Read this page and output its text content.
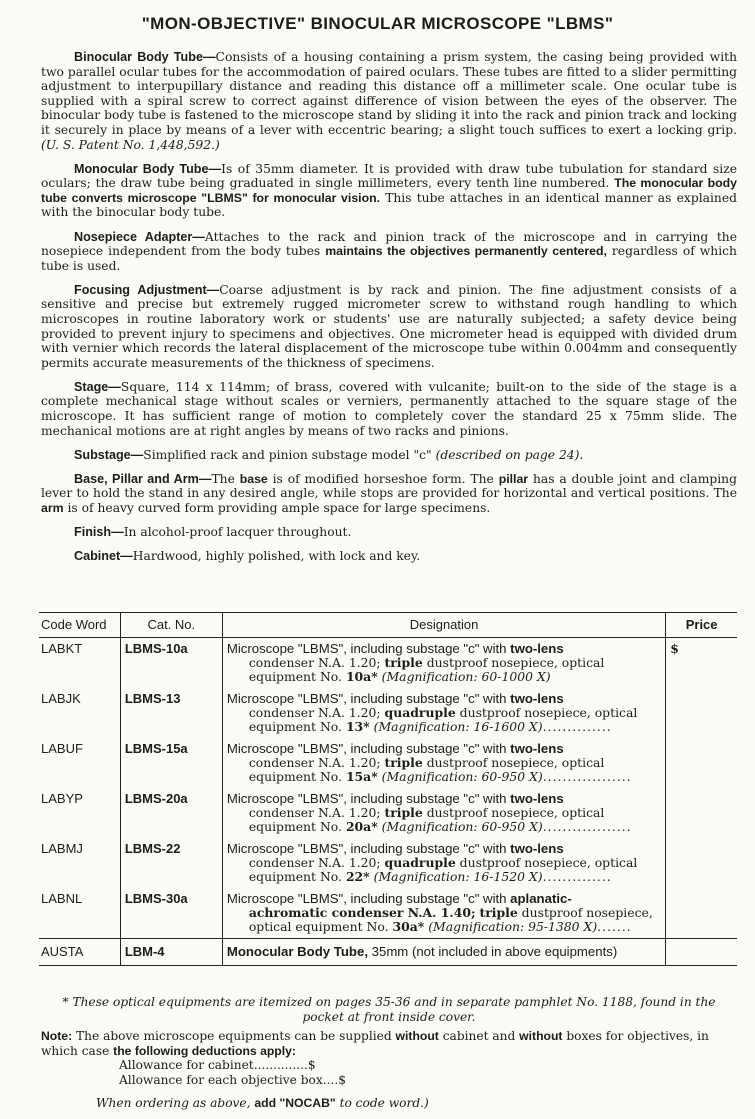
"MON-OBJECTIVE" BINOCULAR MICROSCOPE "LBMS"

Binocular Body Tube—Consists of a housing containing a prism system, the casing being provided with two parallel ocular tubes for the accommodation of paired oculars. These tubes are fitted to a slider permitting adjustment to interpupillary distance and reading this distance off a millimeter scale. One ocular tube is supplied with a spiral screw to correct against difference of vision between the eyes of the observer. The binocular body tube is fastened to the microscope stand by sliding it into the rack and pinion track and locking it securely in place by means of a lever with eccentric bearing; a slight touch suffices to exert a locking grip. (U. S. Patent No. 1,448,592.)

Monocular Body Tube—Is of 35mm diameter. It is provided with draw tube tubulation for standard size oculars; the draw tube being graduated in single millimeters, every tenth line numbered. The monocular body tube converts microscope "LBMS" for monocular vision. This tube attaches in an identical manner as explained with the binocular body tube.

Nosepiece Adapter—Attaches to the rack and pinion track of the microscope and in carrying the nosepiece independent from the body tubes maintains the objectives permanently centered, regardless of which tube is used.

Focusing Adjustment—Coarse adjustment is by rack and pinion. The fine adjustment consists of a sensitive and precise but extremely rugged micrometer screw to withstand rough handling to which microscopes in routine laboratory work or students' use are naturally subjected; a safety device being provided to prevent injury to specimens and objectives. One micrometer head is equipped with divided drum with vernier which records the lateral displacement of the microscope tube within 0.004mm and consequently permits accurate measurements of the thickness of specimens.

Stage—Square, 114 x 114mm; of brass, covered with vulcanite; built-on to the side of the stage is a complete mechanical stage without scales or verniers, permanently attached to the square stage of the microscope. It has sufficient range of motion to completely cover the standard 25 x 75mm slide. The mechanical motions are at right angles by means of two racks and pinions.

Substage—Simplified rack and pinion substage model "c" (described on page 24).

Base, Pillar and Arm—The base is of modified horseshoe form. The pillar has a double joint and clamping lever to hold the stand in any desired angle, while stops are provided for horizontal and vertical positions. The arm is of heavy curved form providing ample space for large specimens.

Finish—In alcohol-proof lacquer throughout.

Cabinet—Hardwood, highly polished, with lock and key.

Code Word	Cat. No.	Designation	Price
LABKT	LBMS-10a	Microscope "LBMS", including substage "c" with two-lens
condenser N.A. 1.20; triple dustproof nosepiece, optical equipment No. 10a* (Magnification: 60-1000 X)	$
LABJK	LBMS-13	Microscope "LBMS", including substage "c" with two-lens
condenser N.A. 1.20; quadruple dustproof nosepiece, optical equipment No. 13* (Magnification: 16-1600 X)..............	

LABUF	LBMS-15a	Microscope "LBMS", including substage "c" with two-lens
condenser N.A. 1.20; triple dustproof nosepiece, optical equipment No. 15a* (Magnification: 60-950 X)..................	

LABYP	LBMS-20a	Microscope "LBMS", including substage "c" with two-lens
condenser N.A. 1.20; triple dustproof nosepiece, optical equipment No. 20a* (Magnification: 60-950 X)..................	

LABMJ	LBMS-22	Microscope "LBMS", including substage "c" with two-lens
condenser N.A. 1.20; quadruple dustproof nosepiece, optical equipment No. 22* (Magnification: 16-1520 X)..............	

LABNL	LBMS-30a	Microscope "LBMS", including substage "c" with aplanatic-
achromatic condenser N.A. 1.40; triple dustproof nosepiece, optical equipment No. 30a* (Magnification: 95-1380 X).......	

AUSTA	LBM-4	Monocular Body Tube, 35mm (not included in above equipments)	

* These optical equipments are itemized on pages 35-36 and in separate pamphlet No. 1188, found in the pocket at front inside cover.
Note: The above microscope equipments can be supplied without cabinet and without boxes for objectives, in which case the following deductions apply:
Allowance for cabinet..............$
Allowance for each objective box....$
When ordering as above, add "NOCAB" to code word.)
